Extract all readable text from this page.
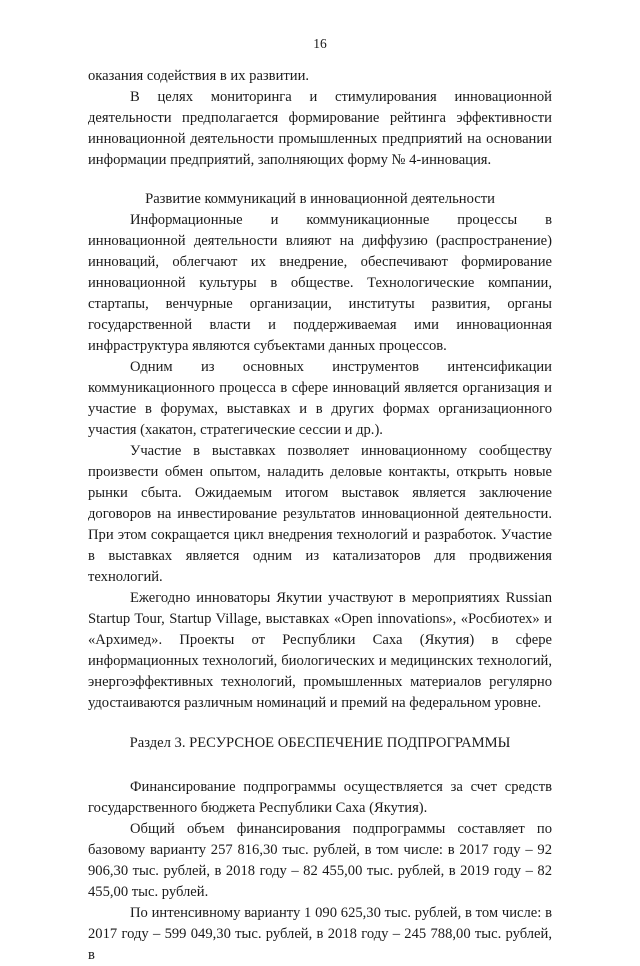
16

оказания содействия в их развитии.

В целях мониторинга и стимулирования инновационной деятельности предполагается формирование рейтинга эффективности инновационной деятельности промышленных предприятий на основании информации предприятий, заполняющих форму № 4-инновация.

Развитие коммуникаций в инновационной деятельности

Информационные и коммуникационные процессы в инновационной деятельности влияют на диффузию (распространение) инноваций, облегчают их внедрение, обеспечивают формирование инновационной культуры в обществе. Технологические компании, стартапы, венчурные организации, институты развития, органы государственной власти и поддерживаемая ими инновационная инфраструктура являются субъектами данных процессов.

Одним из основных инструментов интенсификации коммуникационного процесса в сфере инноваций является организация и участие в форумах, выставках и в других формах организационного участия (хакатон, стратегические сессии и др.).

Участие в выставках позволяет инновационному сообществу произвести обмен опытом, наладить деловые контакты, открыть новые рынки сбыта. Ожидаемым итогом выставок является заключение договоров на инвестирование результатов инновационной деятельности. При этом сокращается цикл внедрения технологий и разработок. Участие в выставках является одним из катализаторов для продвижения технологий.

Ежегодно инноваторы Якутии участвуют в мероприятиях Russian Startup Tour, Startup Village, выставках «Open innovations», «Росбиотех» и «Архимед». Проекты от Республики Саха (Якутия) в сфере информационных технологий, биологических и медицинских технологий, энергоэффективных технологий, промышленных материалов регулярно удостаиваются различным номинаций и премий на федеральном уровне.

Раздел 3. РЕСУРСНОЕ ОБЕСПЕЧЕНИЕ ПОДПРОГРАММЫ

Финансирование подпрограммы осуществляется за счет средств государственного бюджета Республики Саха (Якутия).

Общий объем финансирования подпрограммы составляет по базовому варианту 257 816,30 тыс. рублей, в том числе: в 2017 году – 92 906,30 тыс. рублей, в 2018 году – 82 455,00 тыс. рублей, в 2019 году – 82 455,00 тыс. рублей.

По интенсивному варианту 1 090 625,30 тыс. рублей, в том числе: в 2017 году – 599 049,30 тыс. рублей, в 2018 году – 245 788,00 тыс. рублей, в
